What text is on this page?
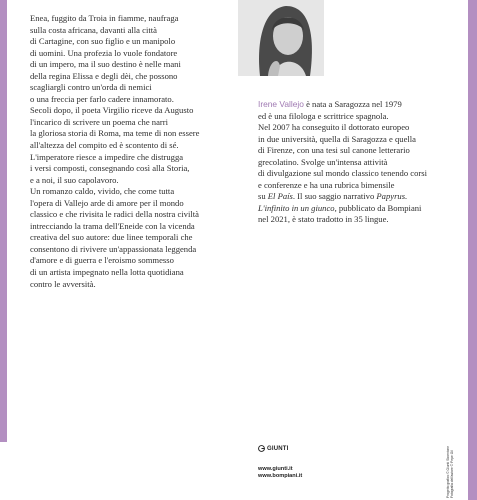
Enea, fuggito da Troia in fiamme, naufraga
sulla costa africana, davanti alla città
di Cartagine, con suo figlio e un manipolo
di uomini. Una profezia lo vuole fondatore
di un impero, ma il suo destino è nelle mani
della regina Elissa e degli dèi, che possono
scagliargli contro un'orda di nemici
o una freccia per farlo cadere innamorato.
Secoli dopo, il poeta Virgilio riceve da Augusto
l'incarico di scrivere un poema che narri
la gloriosa storia di Roma, ma teme di non essere
all'altezza del compito ed è scontento di sé.
L'imperatore riesce a impedire che distrugga
i versi composti, consegnando così alla Storia,
e a noi, il suo capolavoro.
Un romanzo caldo, vivido, che come tutta
l'opera di Vallejo arde di amore per il mondo
classico e che rivisita le radici della nostra civiltà
intrecciando la trama dell'Eneide con la vicenda
creativa del suo autore: due linee temporali che
consentono di rivivere un'appassionata leggenda
d'amore e di guerra e l'eroismo sommesso
di un artista impegnato nella lotta quotidiana
contro le avversità.
Irene Vallejo è nata a Saragozza nel 1979
ed è una filologa e scrittrice spagnola.
Nel 2007 ha conseguito il dottorato europeo
in due università, quella di Saragozza e quella
di Firenze, con una tesi sul canone letterario
grecolatino. Svolge un'intensa attività
di divulgazione sul mondo classico tenendo corsi
e conferenze e ha una rubrica bimensile
su El País. Il suo saggio narrativo Papyrus.
L'infinito in un giunco, pubblicato da Bompiani
nel 2021, è stato tradotto in 35 lingue.
GIUNTI
www.giunti.it
www.bompiani.it	Progetto grafico © Giunti Sbornione Fotografia dell'autore © Pepe Gil
